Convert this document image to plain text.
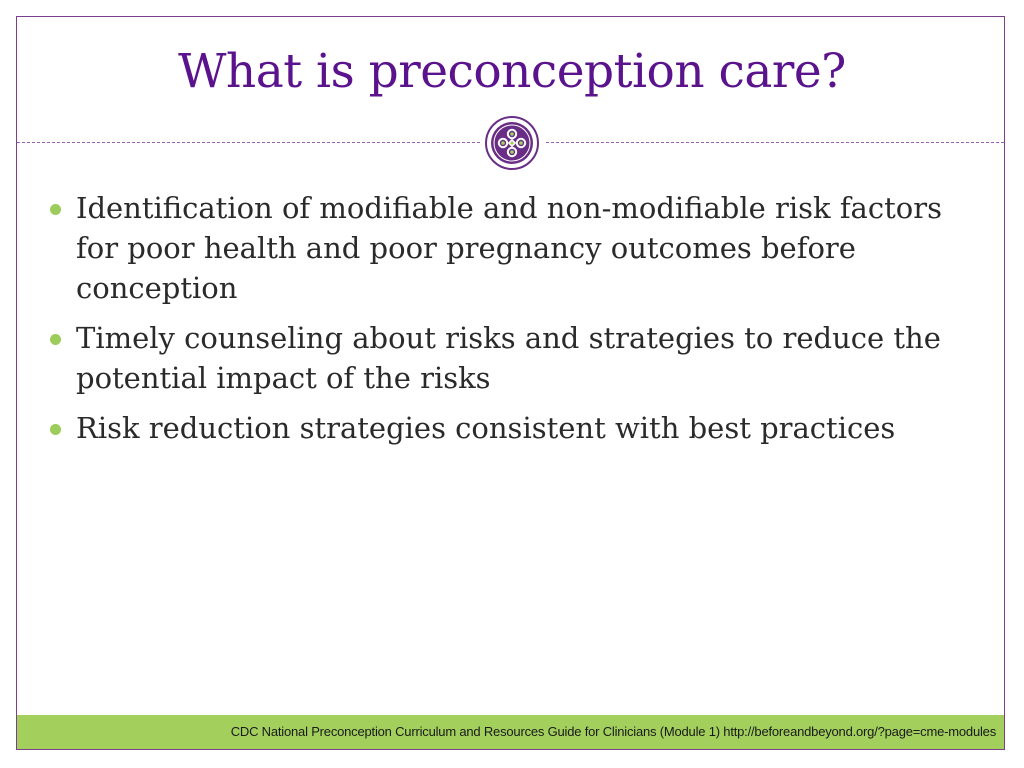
What is preconception care?
Identification of modifiable and non-modifiable risk factors for poor health and poor pregnancy outcomes before conception
Timely counseling about risks and strategies to reduce the potential impact of the risks
Risk reduction strategies consistent with best practices
CDC National Preconception Curriculum and Resources Guide for Clinicians (Module 1) http://beforeandbeyond.org/?page=cme-modules
